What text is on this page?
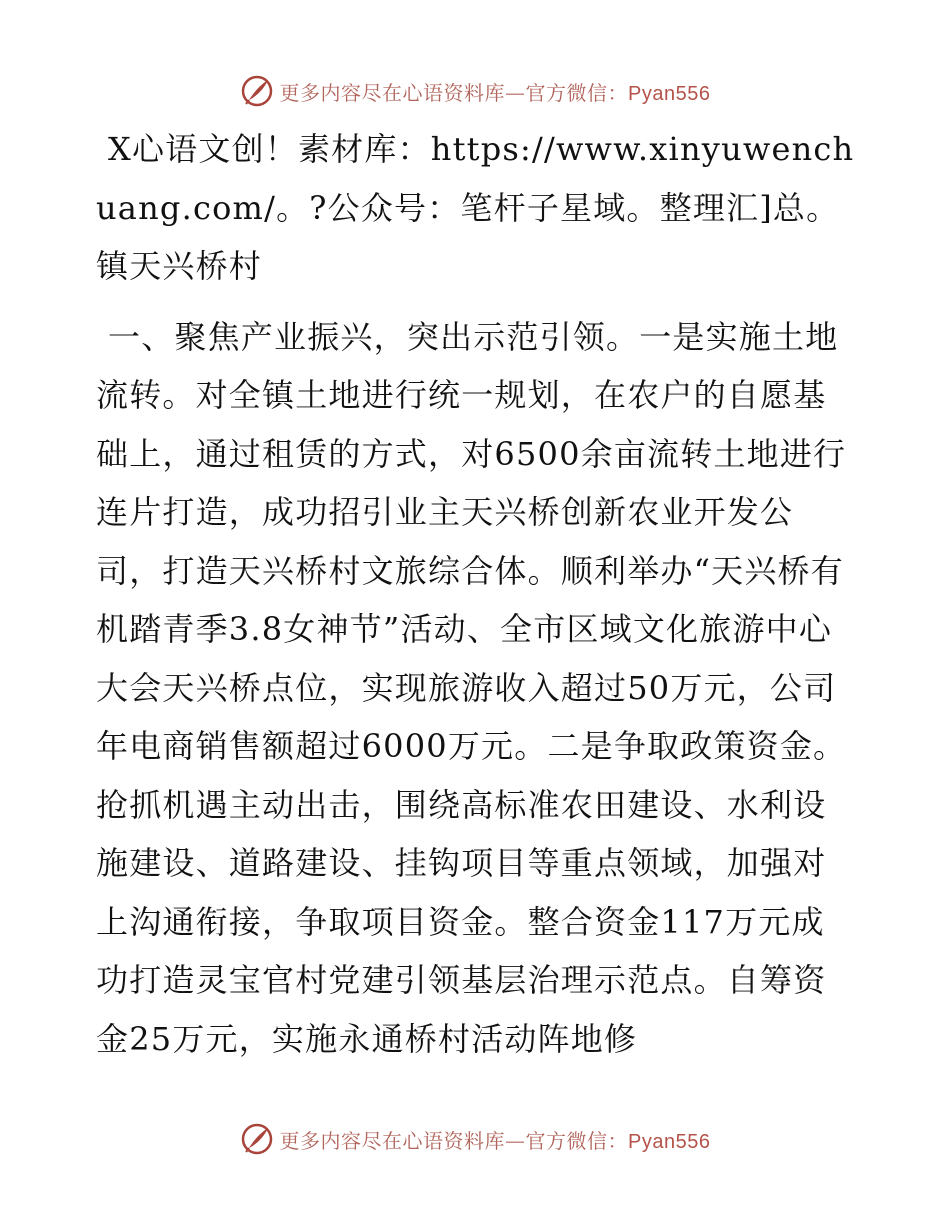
更多内容尽在心语资料库—官方微信：Pyan556

X心语文创！素材库：https://www.xinyuwenchuang.com/。?公众号：笔杆子星域。整理汇]总。镇天兴桥村

一、聚焦产业振兴，突出示范引领。一是实施土地流转。对全镇土地进行统一规划，在农户的自愿基础上，通过租赁的方式，对6500余亩流转土地进行连片打造，成功招引业主天兴桥创新农业开发公司，打造天兴桥村文旅综合体。顺利举办“天兴桥有机踏青季3.8女神节”活动、全市区域文化旅游中心大会天兴桥点位，实现旅游收入超过50万元，公司年电商销售额超过6000万元。二是争取政策资金。抢抓机遇主动出击，围绕高标准农田建设、水利设施建设、道路建设、挂钩项目等重点领域，加强对上沟通衔接，争取项目资金。整合资金117万元成功打造灵宝官村党建引领基层治理示范点。自筹资金25万元，实施永通桥村活动阵地修

更多内容尽在心语资料库—官方微信：Pyan556
